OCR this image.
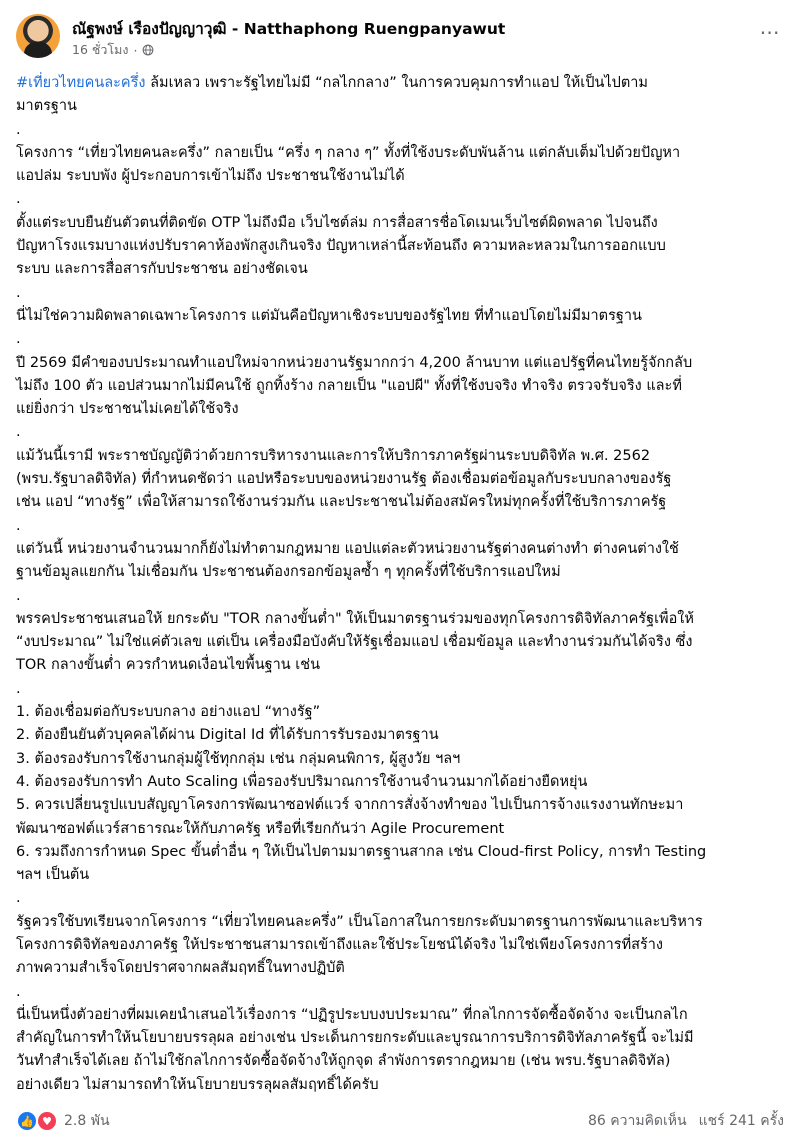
ณัฐพงษ์ เรืองปัญญาวุฒิ - Natthaphong Ruengpanyawut
16 ชั่วโมง ·
⋯

#เที่ยวไทยคนละครึ่ง ล้มเหลว เพราะรัฐไทยไม่มี “กลไกกลาง” ในการควบคุมการทำแอป ให้เป็นไปตาม
มาตรฐาน
.

โครงการ “เที่ยวไทยคนละครึ่ง” กลายเป็น “ครึ่ง ๆ กลาง ๆ” ทั้งที่ใช้งบระดับพันล้าน แต่กลับเต็มไปด้วยปัญหา
แอปล่ม ระบบพัง ผู้ประกอบการเข้าไม่ถึง ประชาชนใช้งานไม่ได้
.

ตั้งแต่ระบบยืนยันตัวตนที่ติดขัด OTP ไม่ถึงมือ เว็บไซต์ล่ม การสื่อสารชื่อโดเมนเว็บไซต์ผิดพลาด ไปจนถึง
ปัญหาโรงแรมบางแห่งปรับราคาห้องพักสูงเกินจริง ปัญหาเหล่านี้สะท้อนถึง ความหละหลวมในการออกแบบ
ระบบ และการสื่อสารกับประชาชน อย่างชัดเจน
.

นี่ไม่ใช่ความผิดพลาดเฉพาะโครงการ แต่มันคือปัญหาเชิงระบบของรัฐไทย ที่ทำแอปโดยไม่มีมาตรฐาน
.

ปี 2569 มีคำของบประมาณทำแอปใหม่จากหน่วยงานรัฐมากกว่า 4,200 ล้านบาท แต่แอปรัฐที่คนไทยรู้จักกลับ
ไม่ถึง 100 ตัว แอปส่วนมากไม่มีคนใช้ ถูกทิ้งร้าง กลายเป็น "แอปผี" ทั้งที่ใช้งบจริง ทำจริง ตรวจรับจริง และที่
แย่ยิ่งกว่า ประชาชนไม่เคยได้ใช้จริง
.

แม้วันนี้เรามี พระราชบัญญัติว่าด้วยการบริหารงานและการให้บริการภาครัฐผ่านระบบดิจิทัล พ.ศ. 2562
(พรบ.รัฐบาลดิจิทัล) ที่กำหนดชัดว่า แอปหรือระบบของหน่วยงานรัฐ ต้องเชื่อมต่อข้อมูลกับระบบกลางของรัฐ
เช่น แอป “ทางรัฐ” เพื่อให้สามารถใช้งานร่วมกัน และประชาชนไม่ต้องสมัครใหม่ทุกครั้งที่ใช้บริการภาครัฐ
.

แต่วันนี้ หน่วยงานจำนวนมากก็ยังไม่ทำตามกฎหมาย แอปแต่ละตัวหน่วยงานรัฐต่างคนต่างทำ ต่างคนต่างใช้
ฐานข้อมูลแยกกัน ไม่เชื่อมกัน ประชาชนต้องกรอกข้อมูลซ้ำ ๆ ทุกครั้งที่ใช้บริการแอปใหม่
.

พรรคประชาชนเสนอให้ ยกระดับ "TOR กลางขั้นต่ำ" ให้เป็นมาตรฐานร่วมของทุกโครงการดิจิทัลภาครัฐเพื่อให้
“งบประมาณ” ไม่ใช่แค่ตัวเลข แต่เป็น เครื่องมือบังคับให้รัฐเชื่อมแอป เชื่อมข้อมูล และทำงานร่วมกันได้จริง ซึ่ง
TOR กลางขั้นต่ำ ควรกำหนดเงื่อนไขพื้นฐาน เช่น
.

1. ต้องเชื่อมต่อกับระบบกลาง อย่างแอป “ทางรัฐ”
2. ต้องยืนยันตัวบุคคลได้ผ่าน Digital Id ที่ได้รับการรับรองมาตรฐาน
3. ต้องรองรับการใช้งานกลุ่มผู้ใช้ทุกกลุ่ม เช่น กลุ่มคนพิการ, ผู้สูงวัย ฯลฯ
4. ต้องรองรับการทำ Auto Scaling เพื่อรองรับปริมาณการใช้งานจำนวนมากได้อย่างยืดหยุ่น
5. ควรเปลี่ยนรูปแบบสัญญาโครงการพัฒนาซอฟต์แวร์ จากการสั่งจ้างทำของ ไปเป็นการจ้างแรงงานทักษะมา
พัฒนาซอฟต์แวร์สาธารณะให้กับภาครัฐ หรือที่เรียกกันว่า Agile Procurement
6. รวมถึงการกำหนด Spec ขั้นต่ำอื่น ๆ ให้เป็นไปตามมาตรฐานสากล เช่น Cloud-first Policy, การทำ Testing
ฯลฯ เป็นต้น
.

รัฐควรใช้บทเรียนจากโครงการ “เที่ยวไทยคนละครึ่ง” เป็นโอกาสในการยกระดับมาตรฐานการพัฒนาและบริหาร
โครงการดิจิทัลของภาครัฐ ให้ประชาชนสามารถเข้าถึงและใช้ประโยชน์ได้จริง ไม่ใช่เพียงโครงการที่สร้าง
ภาพความสำเร็จโดยปราศจากผลสัมฤทธิ์ในทางปฏิบัติ
.

นี่เป็นหนึ่งตัวอย่างที่ผมเคยนำเสนอไว้เรื่องการ “ปฏิรูประบบงบประมาณ” ที่กลไกการจัดซื้อจัดจ้าง จะเป็นกลไก
สำคัญในการทำให้นโยบายบรรลุผล อย่างเช่น ประเด็นการยกระดับและบูรณาการบริการดิจิทัลภาครัฐนี้ จะไม่มี
วันทำสำเร็จได้เลย ถ้าไม่ใช้กลไกการจัดซื้อจัดจ้างให้ถูกจุด ลำพังการตรากฎหมาย (เช่น พรบ.รัฐบาลดิจิทัล)
อย่างเดียว ไม่สามารถทำให้นโยบายบรรลุผลสัมฤทธิ์ได้ครับ

👍 ♥ 2.8 พัน	86 ความคิดเห็น แชร์ 241 ครั้ง
